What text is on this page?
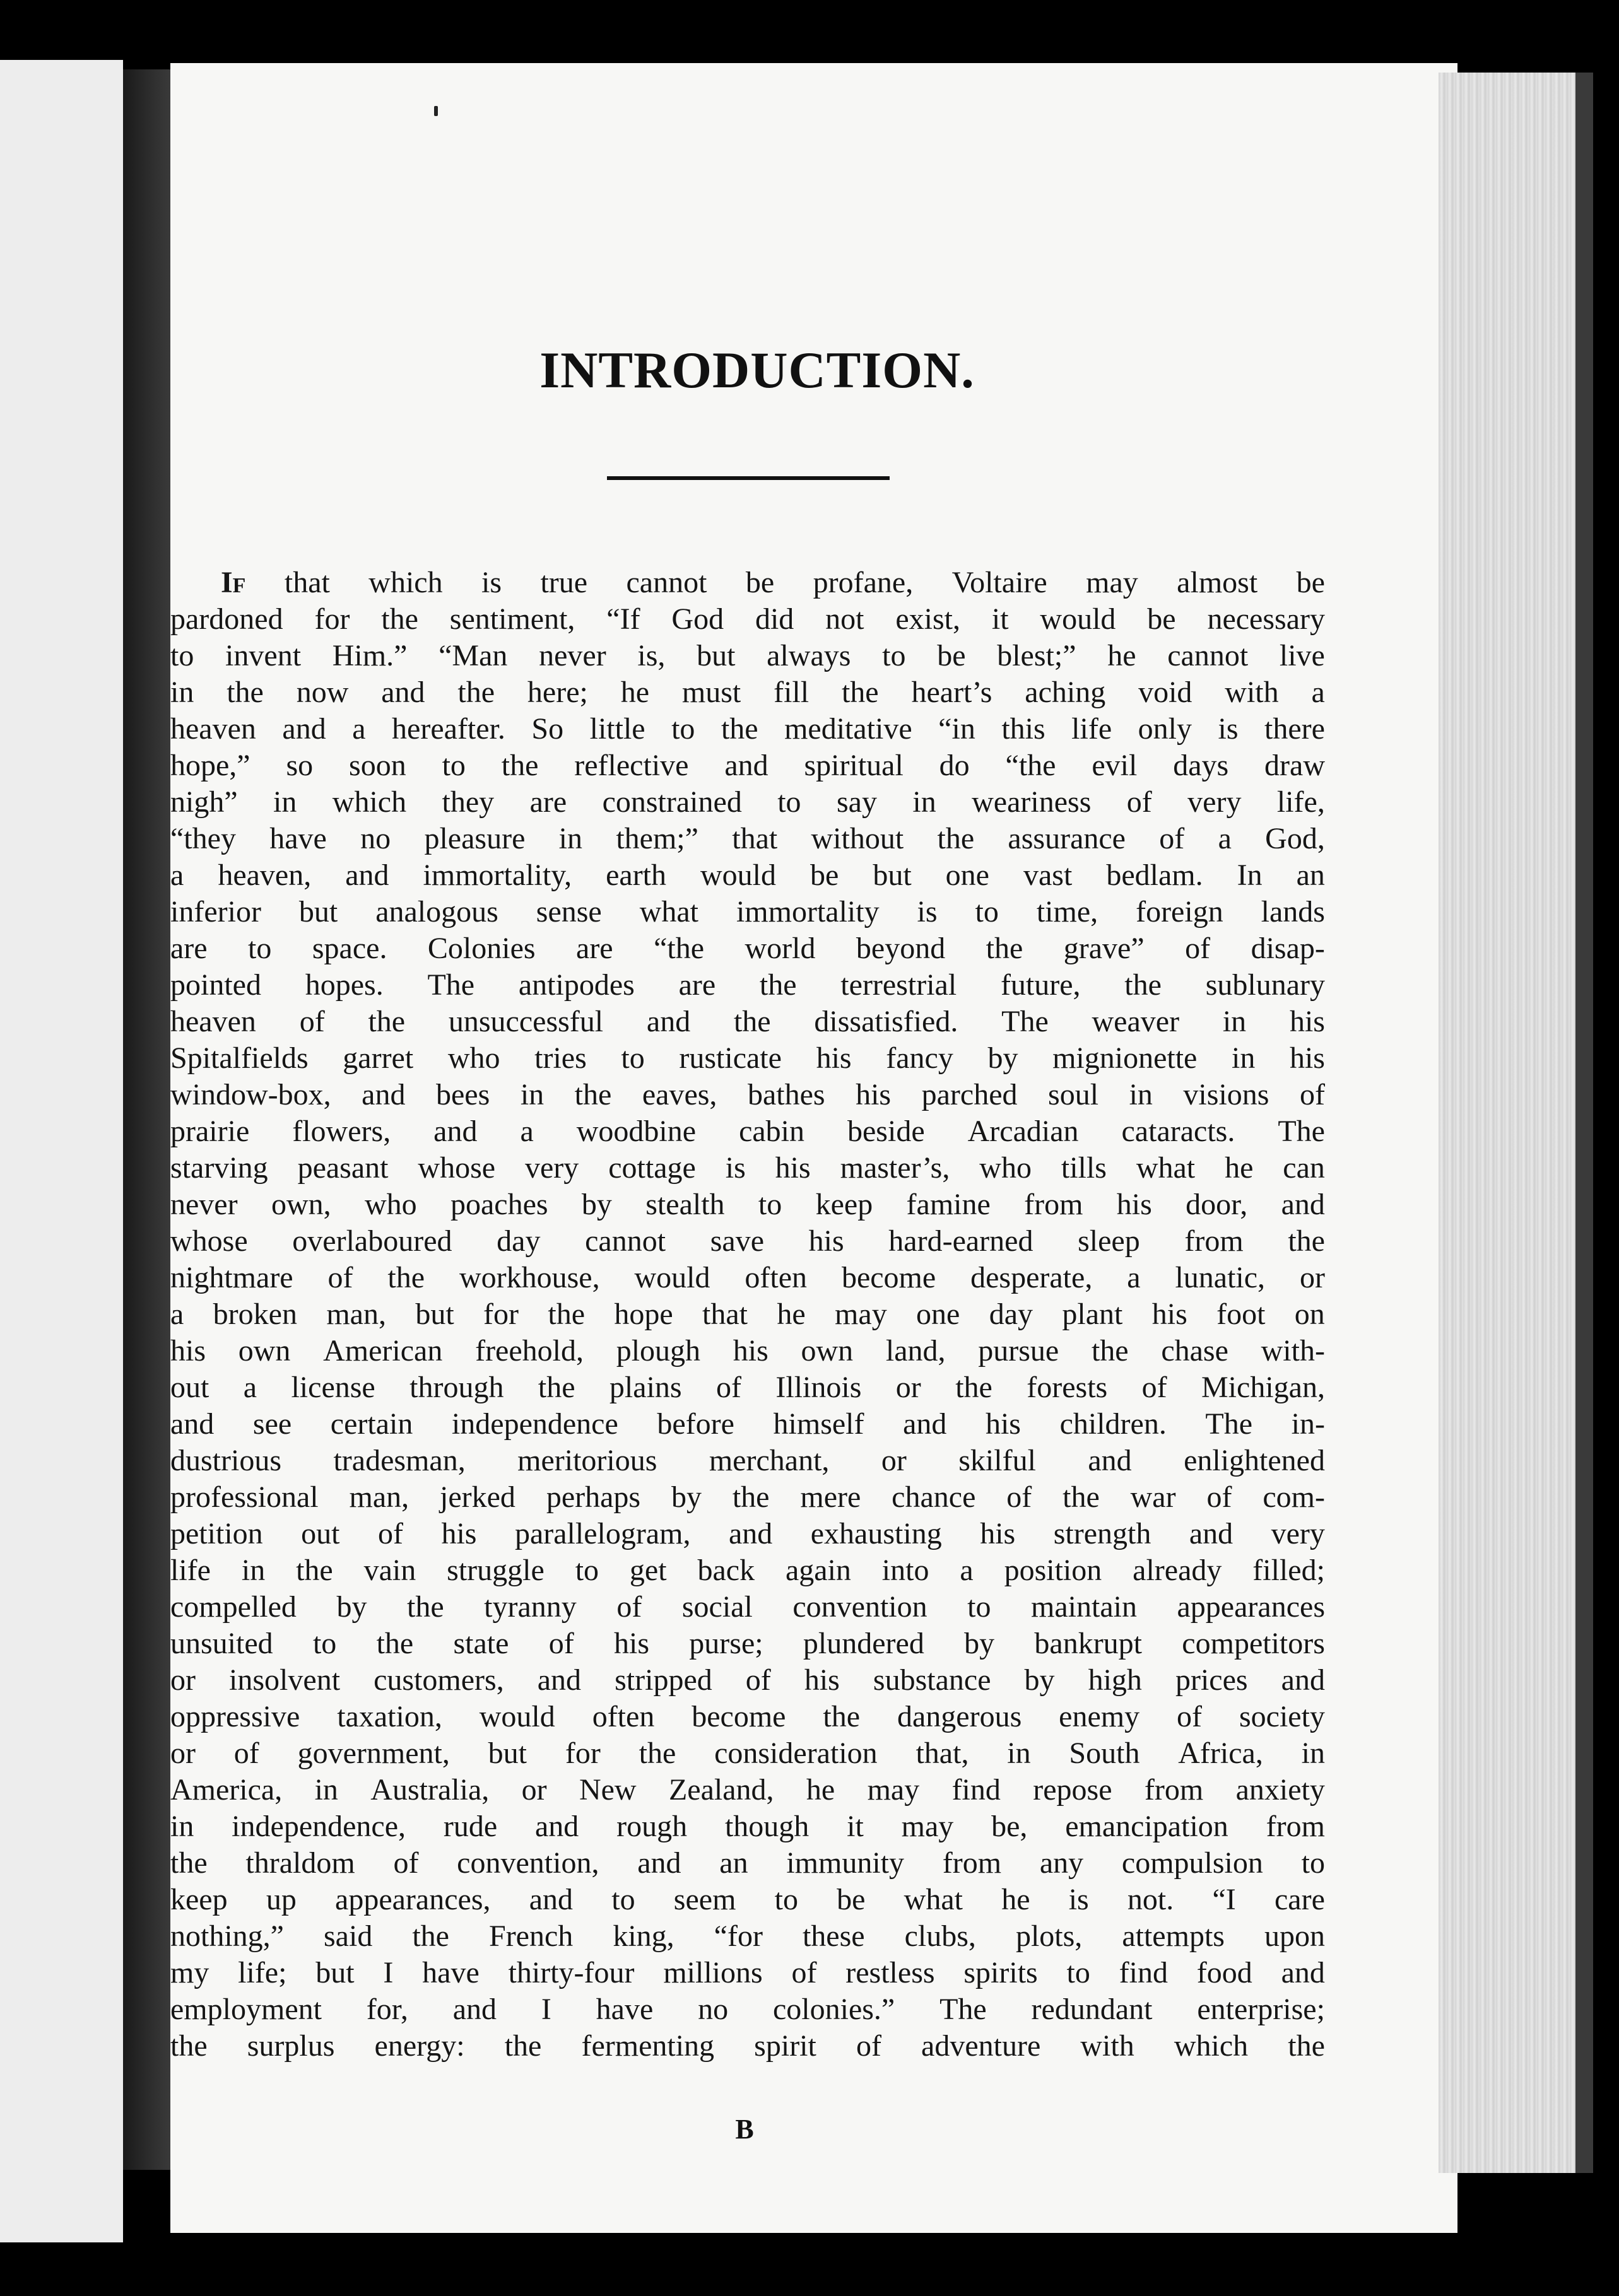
INTRODUCTION.
If that which is true cannot be profane, Voltaire may almost be
pardoned for the sentiment, “If God did not exist, it would be necessary
to invent Him.” “Man never is, but always to be blest;” he cannot live
in the now and the here; he must fill the heart’s aching void with a
heaven and a hereafter. So little to the meditative “in this life only is there
hope,” so soon to the reflective and spiritual do “the evil days draw
nigh” in which they are constrained to say in weariness of very life,
“they have no pleasure in them;” that without the assurance of a God,
a heaven, and immortality, earth would be but one vast bedlam. In an
inferior but analogous sense what immortality is to time, foreign lands
are to space. Colonies are “the world beyond the grave” of disap-
pointed hopes. The antipodes are the terrestrial future, the sublunary
heaven of the unsuccessful and the dissatisfied. The weaver in his
Spitalfields garret who tries to rusticate his fancy by mignionette in his
window-box, and bees in the eaves, bathes his parched soul in visions of
prairie flowers, and a woodbine cabin beside Arcadian cataracts. The
starving peasant whose very cottage is his master’s, who tills what he can
never own, who poaches by stealth to keep famine from his door, and
whose overlaboured day cannot save his hard-earned sleep from the
nightmare of the workhouse, would often become desperate, a lunatic, or
a broken man, but for the hope that he may one day plant his foot on
his own American freehold, plough his own land, pursue the chase with-
out a license through the plains of Illinois or the forests of Michigan,
and see certain independence before himself and his children. The in-
dustrious tradesman, meritorious merchant, or skilful and enlightened
professional man, jerked perhaps by the mere chance of the war of com-
petition out of his parallelogram, and exhausting his strength and very
life in the vain struggle to get back again into a position already filled;
compelled by the tyranny of social convention to maintain appearances
unsuited to the state of his purse; plundered by bankrupt competitors
or insolvent customers, and stripped of his substance by high prices and
oppressive taxation, would often become the dangerous enemy of society
or of government, but for the consideration that, in South Africa, in
America, in Australia, or New Zealand, he may find repose from anxiety
in independence, rude and rough though it may be, emancipation from
the thraldom of convention, and an immunity from any compulsion to
keep up appearances, and to seem to be what he is not. “I care
nothing,” said the French king, “for these clubs, plots, attempts upon
my life; but I have thirty-four millions of restless spirits to find food and
employment for, and I have no colonies.” The redundant enterprise;
the surplus energy: the fermenting spirit of adventure with which the
B
